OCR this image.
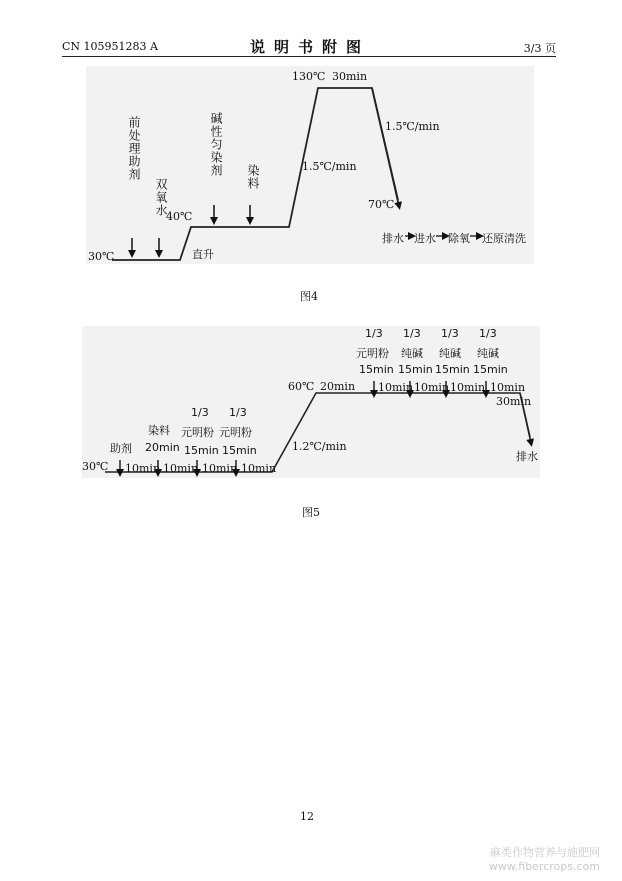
CN 105951283 A	说明书附图	3/3 页
30℃
前处理助剂
双氧水
40℃
直升
碱性匀染剂 染料	1.5℃/min
130℃ 30min
1.5℃/min
70℃
排水 进水 除氧 还原清洗
图4
30℃
助剂
染料
20min
1/3
元明粉
15min
1/3
元明粉
15min
10min 10min 10min 10min
1.2℃/min
60℃ 20min
1/3
元明粉
15min
1/3
纯碱
15min
1/3
纯碱
15min
1/3
纯碱
15min
10min 10min 10min 10min
30min
排水
图5
12
麻类作物营养与施肥网
www.fibercrops.com
